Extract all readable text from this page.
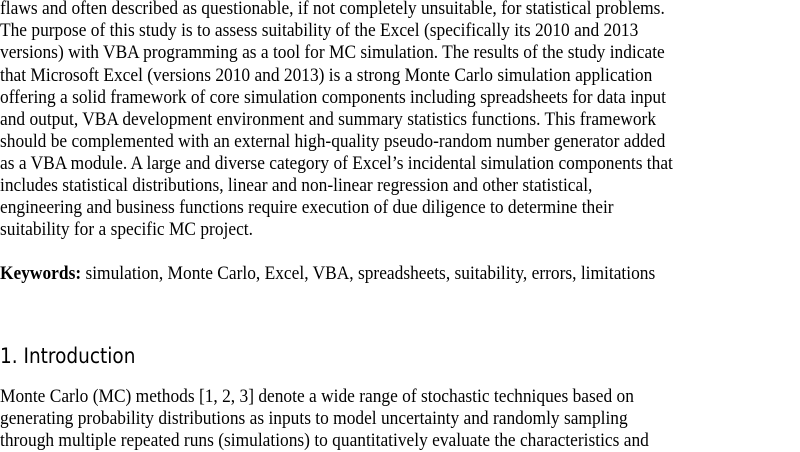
flaws and often described as questionable, if not completely unsuitable, for statistical problems.
The purpose of this study is to assess suitability of the Excel (specifically its 2010 and 2013
versions) with VBA programming as a tool for MC simulation. The results of the study indicate
that Microsoft Excel (versions 2010 and 2013) is a strong Monte Carlo simulation application
offering a solid framework of core simulation components including spreadsheets for data input
and output, VBA development environment and summary statistics functions. This framework
should be complemented with an external high-quality pseudo-random number generator added
as a VBA module. A large and diverse category of Excel’s incidental simulation components that
includes statistical distributions, linear and non-linear regression and other statistical,
engineering and business functions require execution of due diligence to determine their
suitability for a specific MC project.
Keywords: simulation, Monte Carlo, Excel, VBA, spreadsheets, suitability, errors, limitations
1. Introduction
Monte Carlo (MC) methods [1, 2, 3] denote a wide range of stochastic techniques based on
generating probability distributions as inputs to model uncertainty and randomly sampling
through multiple repeated runs (simulations) to quantitatively evaluate the characteristics and
